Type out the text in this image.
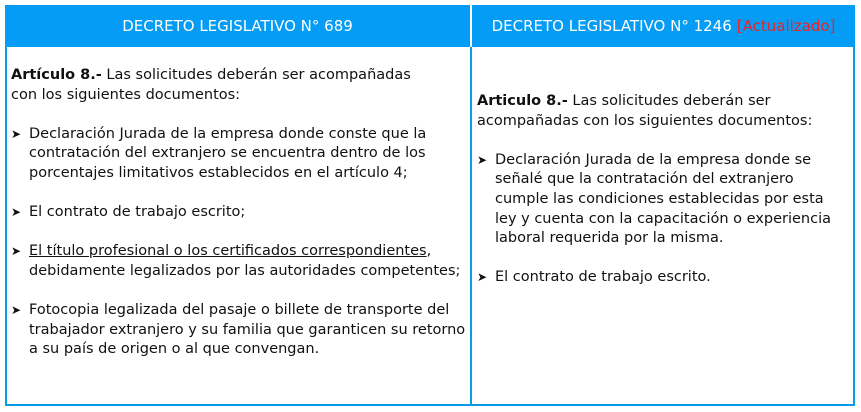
DECRETO LEGISLATIVO N° 689	DECRETO LEGISLATIVO N° 1246 [Actualizado]

Artículo 8.- Las solicitudes deberán ser acompañadas
con los siguientes documentos:

➤ Declaración Jurada de la empresa donde conste que la contratación del extranjero se encuentra dentro de los porcentajes limitativos establecidos en el artículo 4;
➤ El contrato de trabajo escrito;
➤ El título profesional o los certificados correspondientes, debidamente legalizados por las autoridades competentes;
➤ Fotocopia legalizada del pasaje o billete de transporte del trabajador extranjero y su familia que garanticen su retorno a su país de origen o al que convengan.

Articulo 8.- Las solicitudes deberán ser acompañadas con los siguientes documentos:

➤ Declaración Jurada de la empresa donde se señalé que la contratación del extranjero cumple las condiciones establecidas por esta ley y cuenta con la capacitación o experiencia laboral requerida por la misma.
➤ El contrato de trabajo escrito.
